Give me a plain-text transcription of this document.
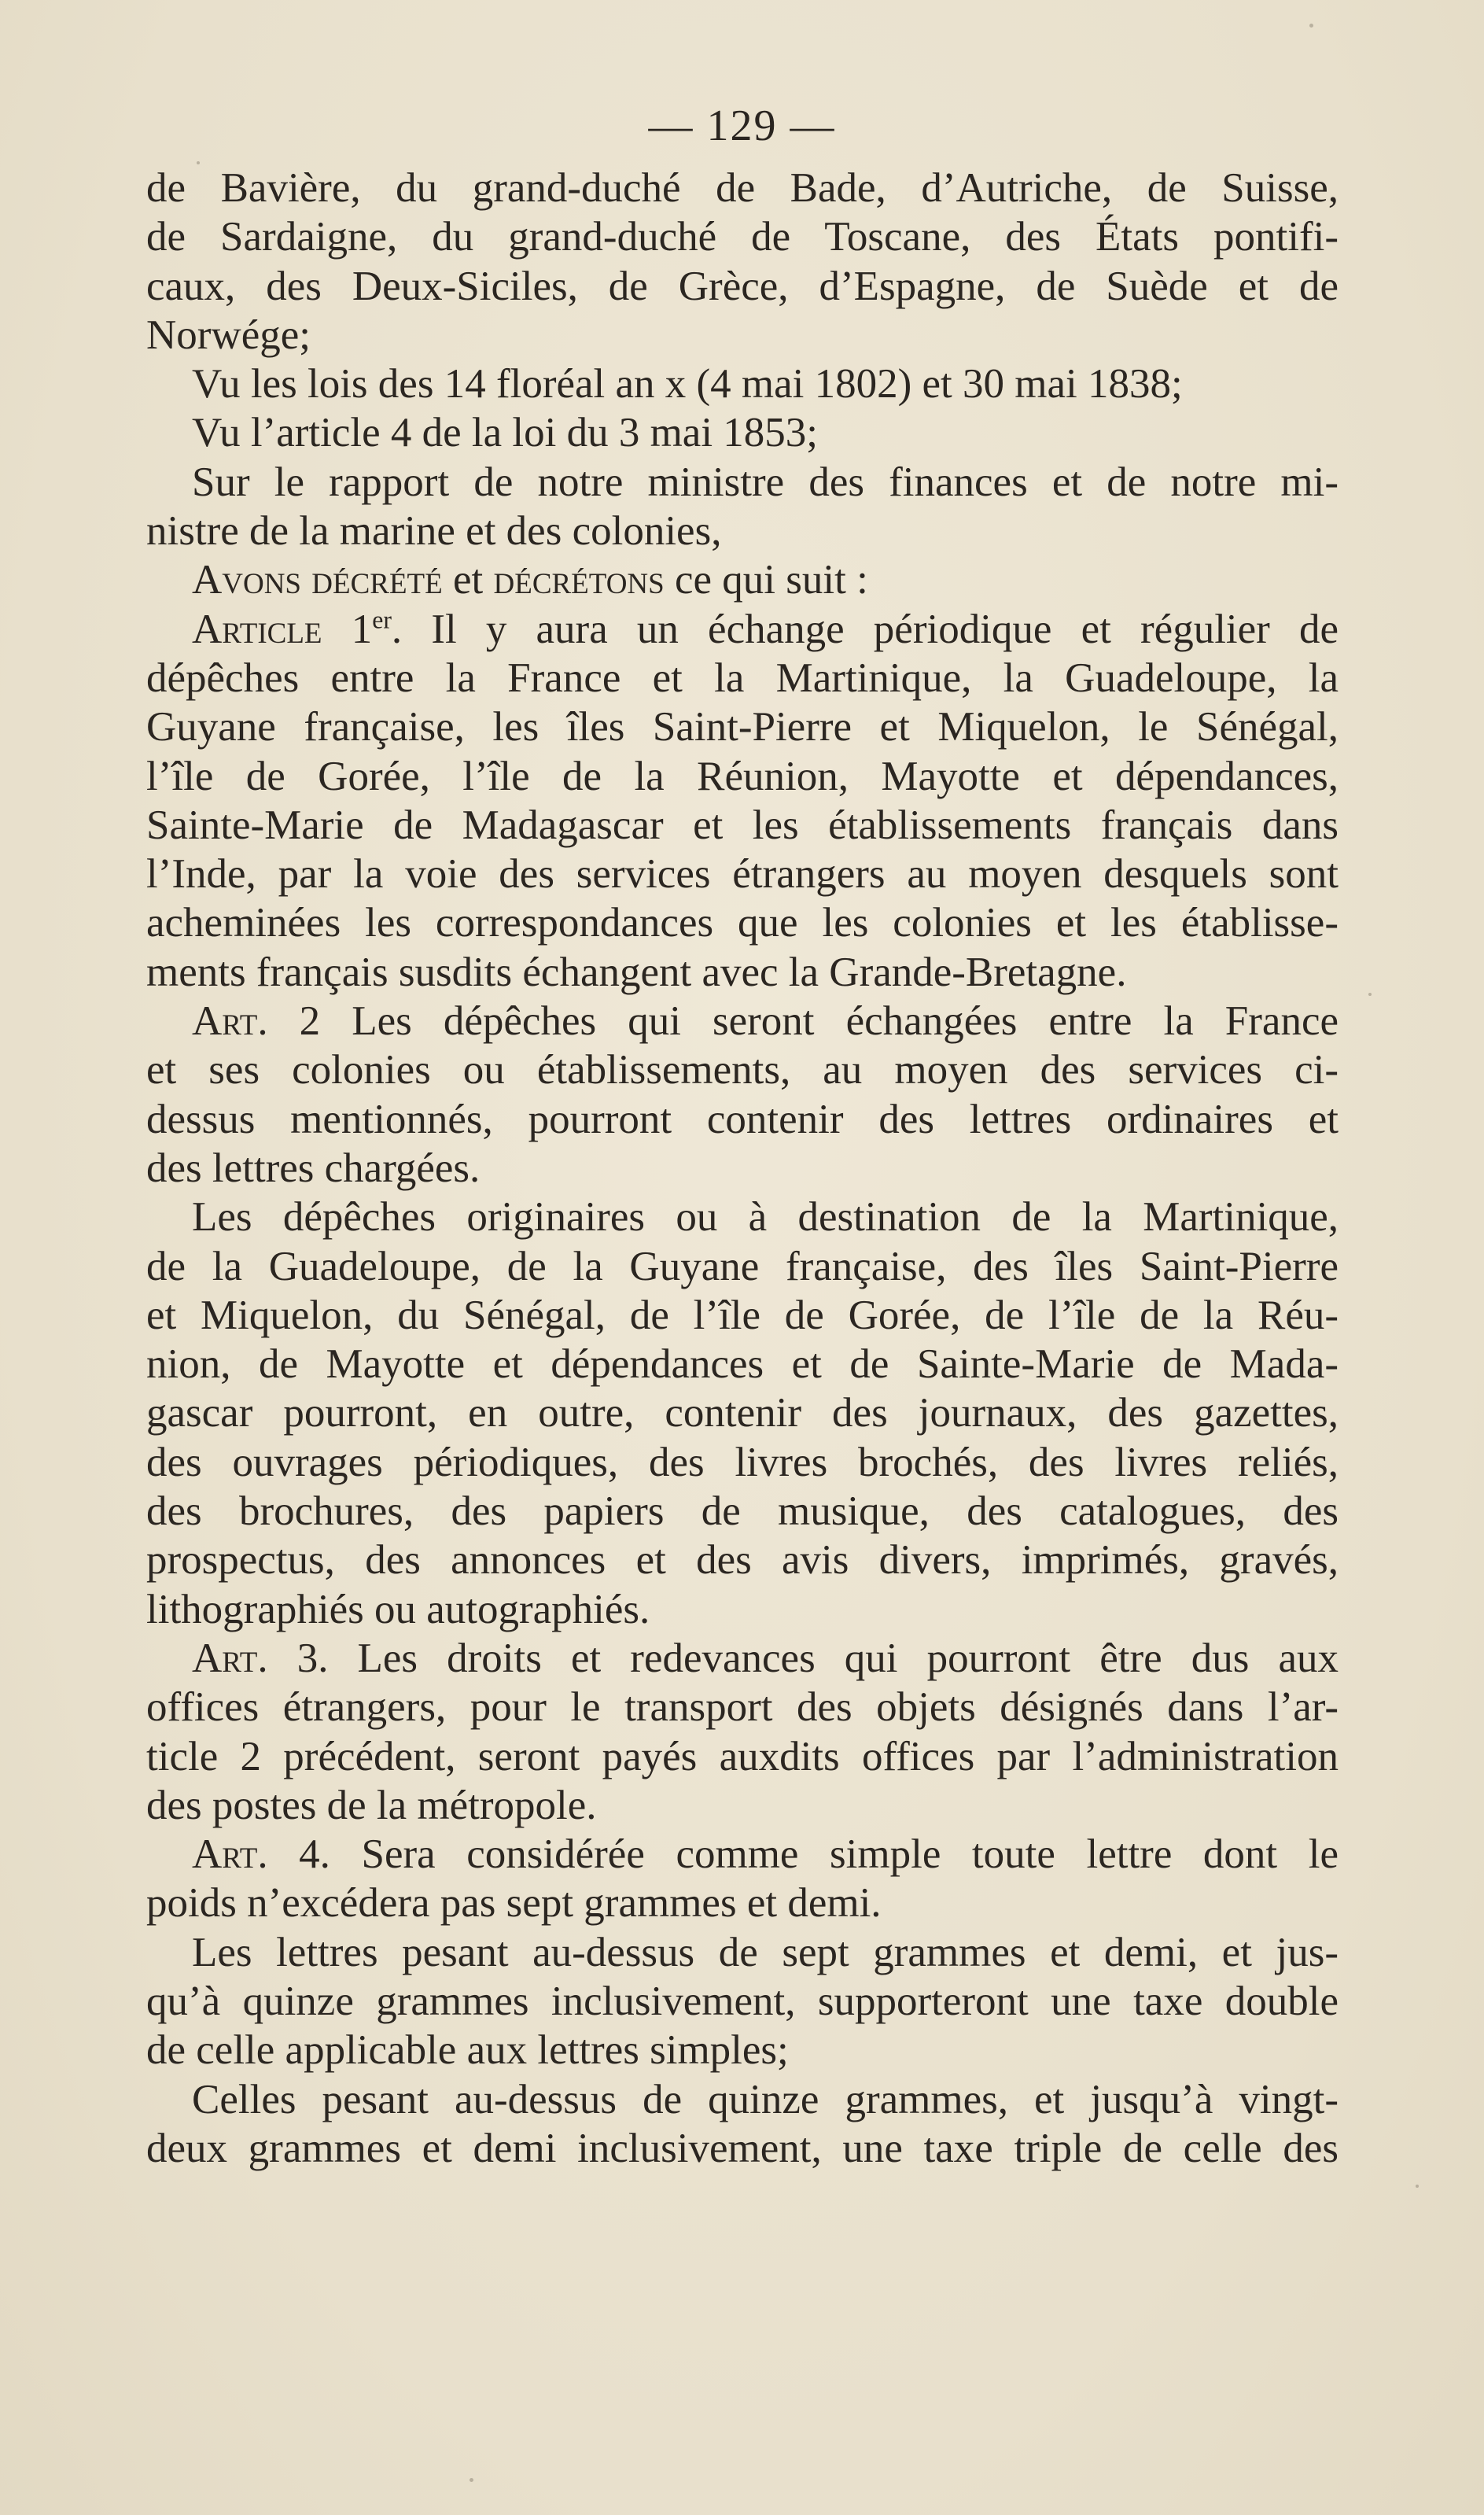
— 129 —
de Bavière, du grand-duché de Bade, d’Autriche, de Suisse,
de Sardaigne, du grand-duché de Toscane, des États pontifi-
caux, des Deux-Siciles, de Grèce, d’Espagne, de Suède et de
Norwége;
Vu les lois des 14 floréal an x (4 mai 1802) et 30 mai 1838;
Vu l’article 4 de la loi du 3 mai 1853;
Sur le rapport de notre ministre des finances et de notre mi-
nistre de la marine et des colonies,
Avons décrété et décrétons ce qui suit :
Article 1er. Il y aura un échange périodique et régulier de
dépêches entre la France et la Martinique, la Guadeloupe, la
Guyane française, les îles Saint-Pierre et Miquelon, le Sénégal,
l’île de Gorée, l’île de la Réunion, Mayotte et dépendances,
Sainte-Marie de Madagascar et les établissements français dans
l’Inde, par la voie des services étrangers au moyen desquels sont
acheminées les correspondances que les colonies et les établisse-
ments français susdits échangent avec la Grande-Bretagne.
Art. 2 Les dépêches qui seront échangées entre la France
et ses colonies ou établissements, au moyen des services ci-
dessus mentionnés, pourront contenir des lettres ordinaires et
des lettres chargées.
Les dépêches originaires ou à destination de la Martinique,
de la Guadeloupe, de la Guyane française, des îles Saint-Pierre
et Miquelon, du Sénégal, de l’île de Gorée, de l’île de la Réu-
nion, de Mayotte et dépendances et de Sainte-Marie de Mada-
gascar pourront, en outre, contenir des journaux, des gazettes,
des ouvrages périodiques, des livres brochés, des livres reliés,
des brochures, des papiers de musique, des catalogues, des
prospectus, des annonces et des avis divers, imprimés, gravés,
lithographiés ou autographiés.
Art. 3. Les droits et redevances qui pourront être dus aux
offices étrangers, pour le transport des objets désignés dans l’ar-
ticle 2 précédent, seront payés auxdits offices par l’administration
des postes de la métropole.
Art. 4. Sera considérée comme simple toute lettre dont le
poids n’excédera pas sept grammes et demi.
Les lettres pesant au-dessus de sept grammes et demi, et jus-
qu’à quinze grammes inclusivement, supporteront une taxe double
de celle applicable aux lettres simples;
Celles pesant au-dessus de quinze grammes, et jusqu’à vingt-
deux grammes et demi inclusivement, une taxe triple de celle des
